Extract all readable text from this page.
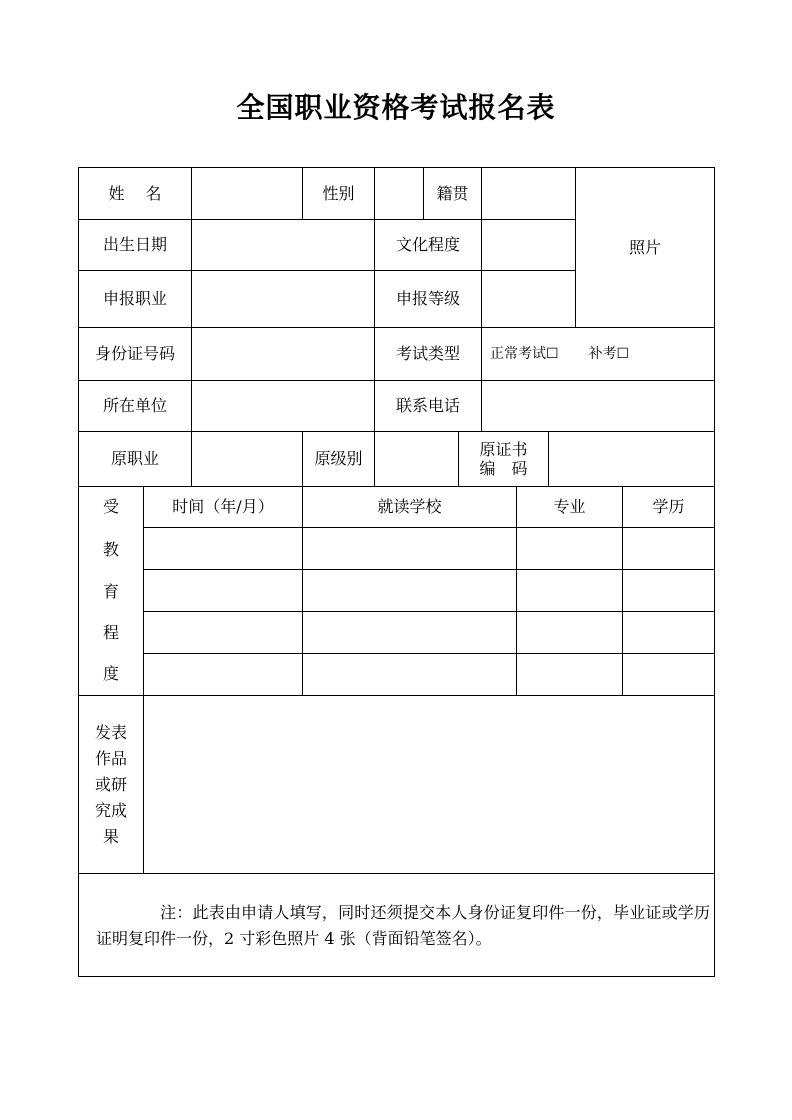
全国职业资格考试报名表
姓　 名	性别	籍贯
照片
出生日期	文化程度
申报职业	申报等级
身份证号码	考试类型	正常考试☐ 补考☐
所在单位	联系电话
原职业	原级别
原证书
编　码
受
教
育
程
度
时间（年/月）	就读学校	专业	学历
发表
作品
或研
究成
果
注：此表由申请人填写，同时还须提交本人身份证复印件一份，毕业证或学历证明复印件一份，2 寸彩色照片 4 张（背面铅笔签名）。
